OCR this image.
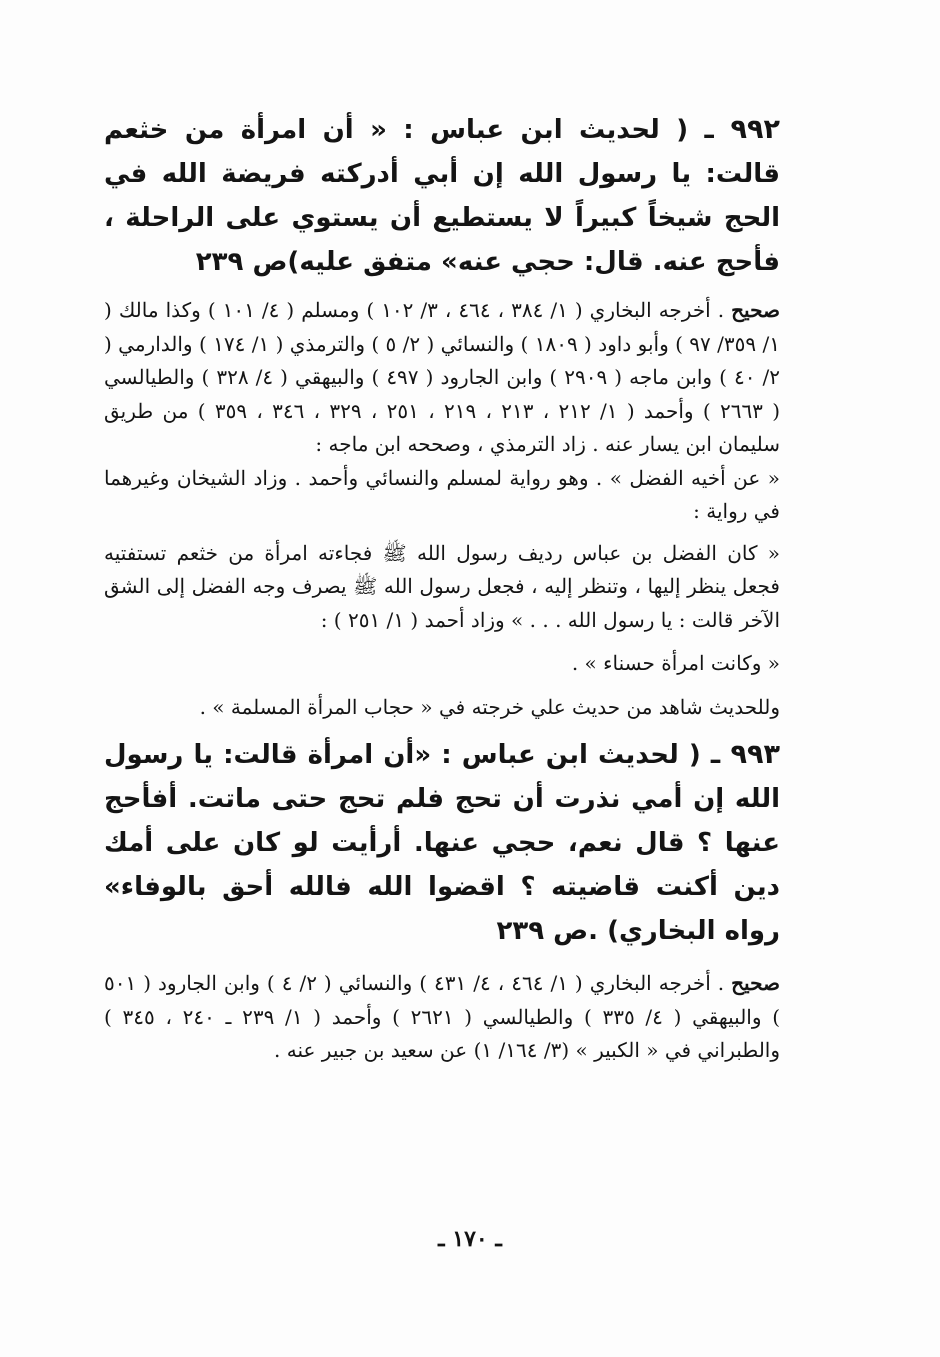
٩٩٢ ـ ( لحديث ابن عباس : « أن امرأة من خثعم قالت: يا رسول الله إن أبي أدركته فريضة الله في الحج شيخاً كبيراً لا يستطيع أن يستوي على الراحلة ، فأحج عنه. قال: حجي عنه» متفق عليه)ص ٢٣٩

صحيح . أخرجه البخاري ( ١/ ٣٨٤ ، ٤٦٤ ، ٣/ ١٠٢ ) ومسلم ( ٤/ ١٠١ ) وكذا مالك ( ١/ ٣٥٩/ ٩٧ ) وأبو داود ( ١٨٠٩ ) والنسائي ( ٢/ ٥ ) والترمذي ( ١/ ١٧٤ ) والدارمي ( ٢/ ٤٠ ) وابن ماجه ( ٢٩٠٩ ) وابن الجارود ( ٤٩٧ ) والبيهقي ( ٤/ ٣٢٨ ) والطيالسي ( ٢٦٦٣ ) وأحمد ( ١/ ٢١٢ ، ٢١٣ ، ٢١٩ ، ٢٥١ ، ٣٢٩ ، ٣٤٦ ، ٣٥٩ ) من طريق سليمان ابن يسار عنه . زاد الترمذي ، وصححه ابن ماجه :

« عن أخيه الفضل » . وهو رواية لمسلم والنسائي وأحمد . وزاد الشيخان وغيرهما في رواية :

« كان الفضل بن عباس رديف رسول الله ﷺ فجاءته امرأة من خثعم تستفتيه فجعل ينظر إليها ، وتنظر إليه ، فجعل رسول الله ﷺ يصرف وجه الفضل إلى الشق الآخر قالت : يا رسول الله . . . » وزاد أحمد ( ١/ ٢٥١ ) :

« وكانت امرأة حسناء » .

وللحديث شاهد من حديث علي خرجته في « حجاب المرأة المسلمة » .

٩٩٣ ـ ( لحديث ابن عباس : «أن امرأة قالت: يا رسول الله إن أمي نذرت أن تحج فلم تحج حتى ماتت. أفأحج عنها ؟ قال نعم، حجي عنها. أرأيت لو كان على أمك دين أكنت قاضيته ؟ اقضوا الله فالله أحق بالوفاء» رواه البخاري) .ص ٢٣٩

صحيح . أخرجه البخاري ( ١/ ٤٦٤ ، ٤/ ٤٣١ ) والنسائي ( ٢/ ٤ ) وابن الجارود ( ٥٠١ ) والبيهقي ( ٤/ ٣٣٥ ) والطيالسي ( ٢٦٢١ ) وأحمد ( ١/ ٢٣٩ ـ ٢٤٠ ، ٣٤٥ ) والطبراني في « الكبير » (٣/ ١٦٤/ ١) عن سعيد بن جبير عنه .

ـ ١٧٠ ـ
